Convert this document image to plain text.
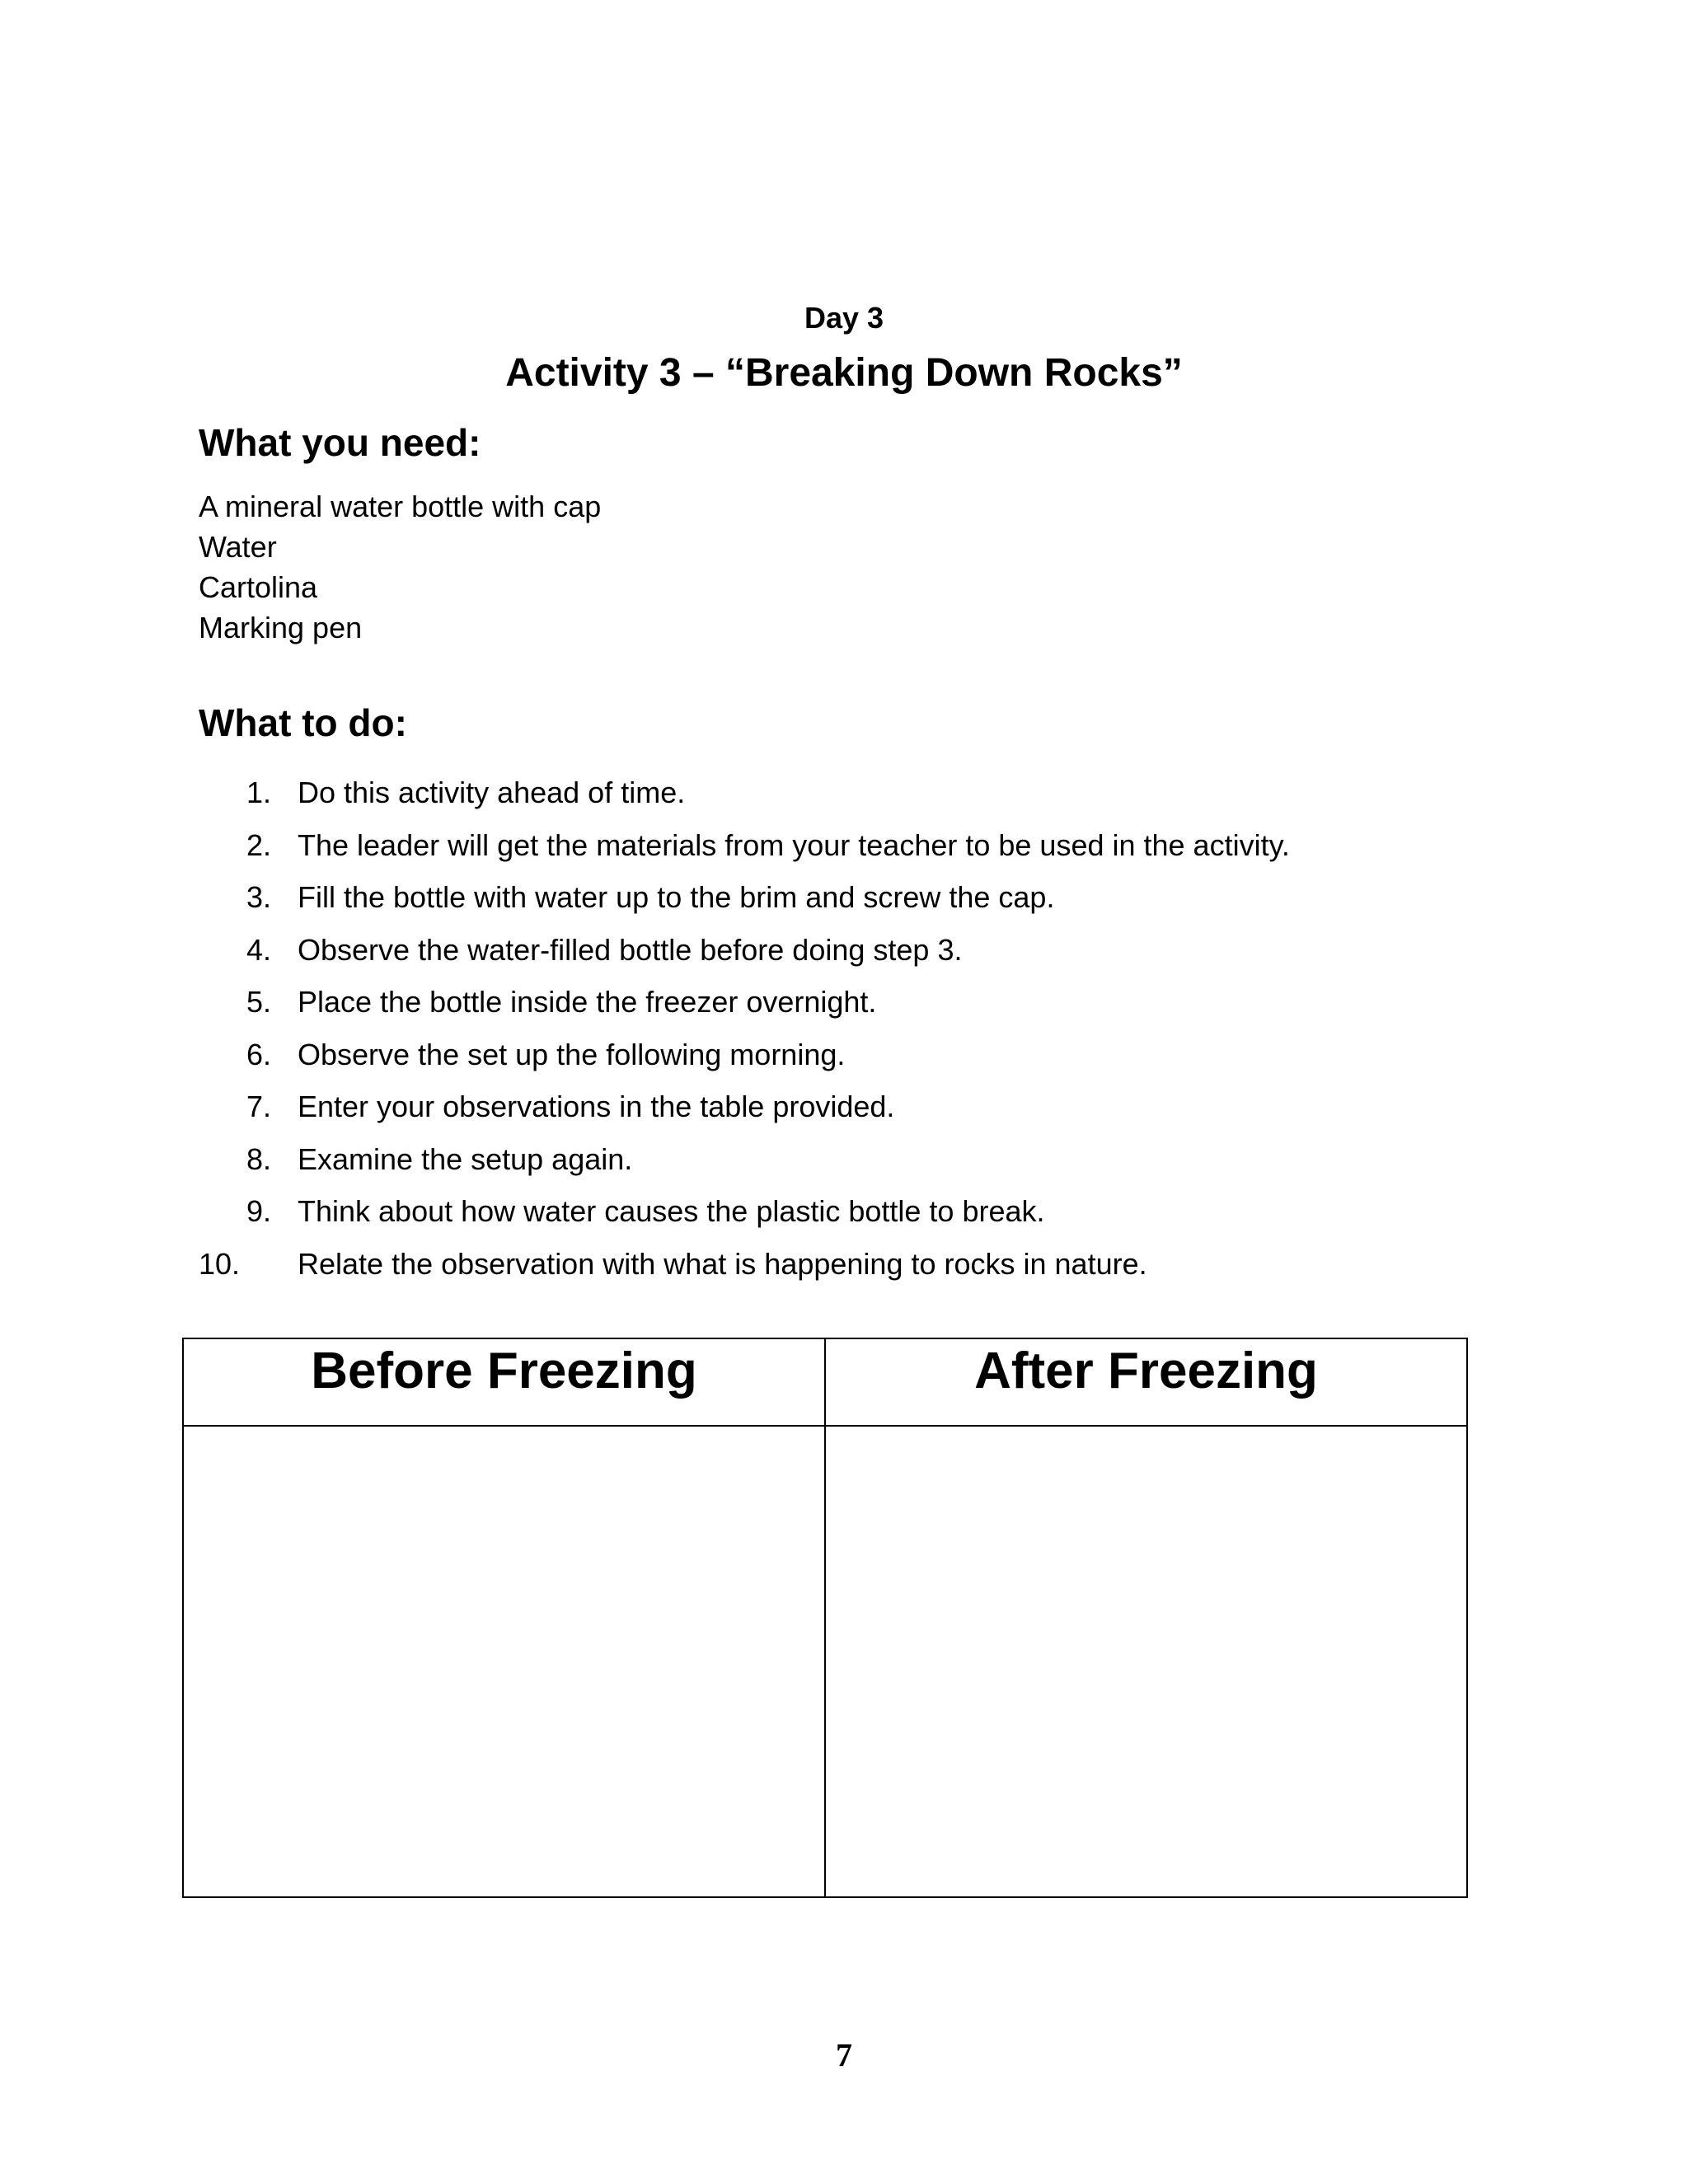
Day 3
Activity 3 – “Breaking Down Rocks”
What you need:
A mineral water bottle with cap
Water
Cartolina
Marking pen
What to do:
1. Do this activity ahead of time.
2. The leader will get the materials from your teacher to be used in the activity.
3. Fill the bottle with water up to the brim and screw the cap.
4. Observe the water-filled bottle before doing step 3.
5. Place the bottle inside the freezer overnight.
6. Observe the set up the following morning.
7. Enter your observations in the table provided.
8. Examine the setup again.
9. Think about how water causes the plastic bottle to break.
10. Relate the observation with what is happening to rocks in nature.
Before Freezing	After Freezing

7
